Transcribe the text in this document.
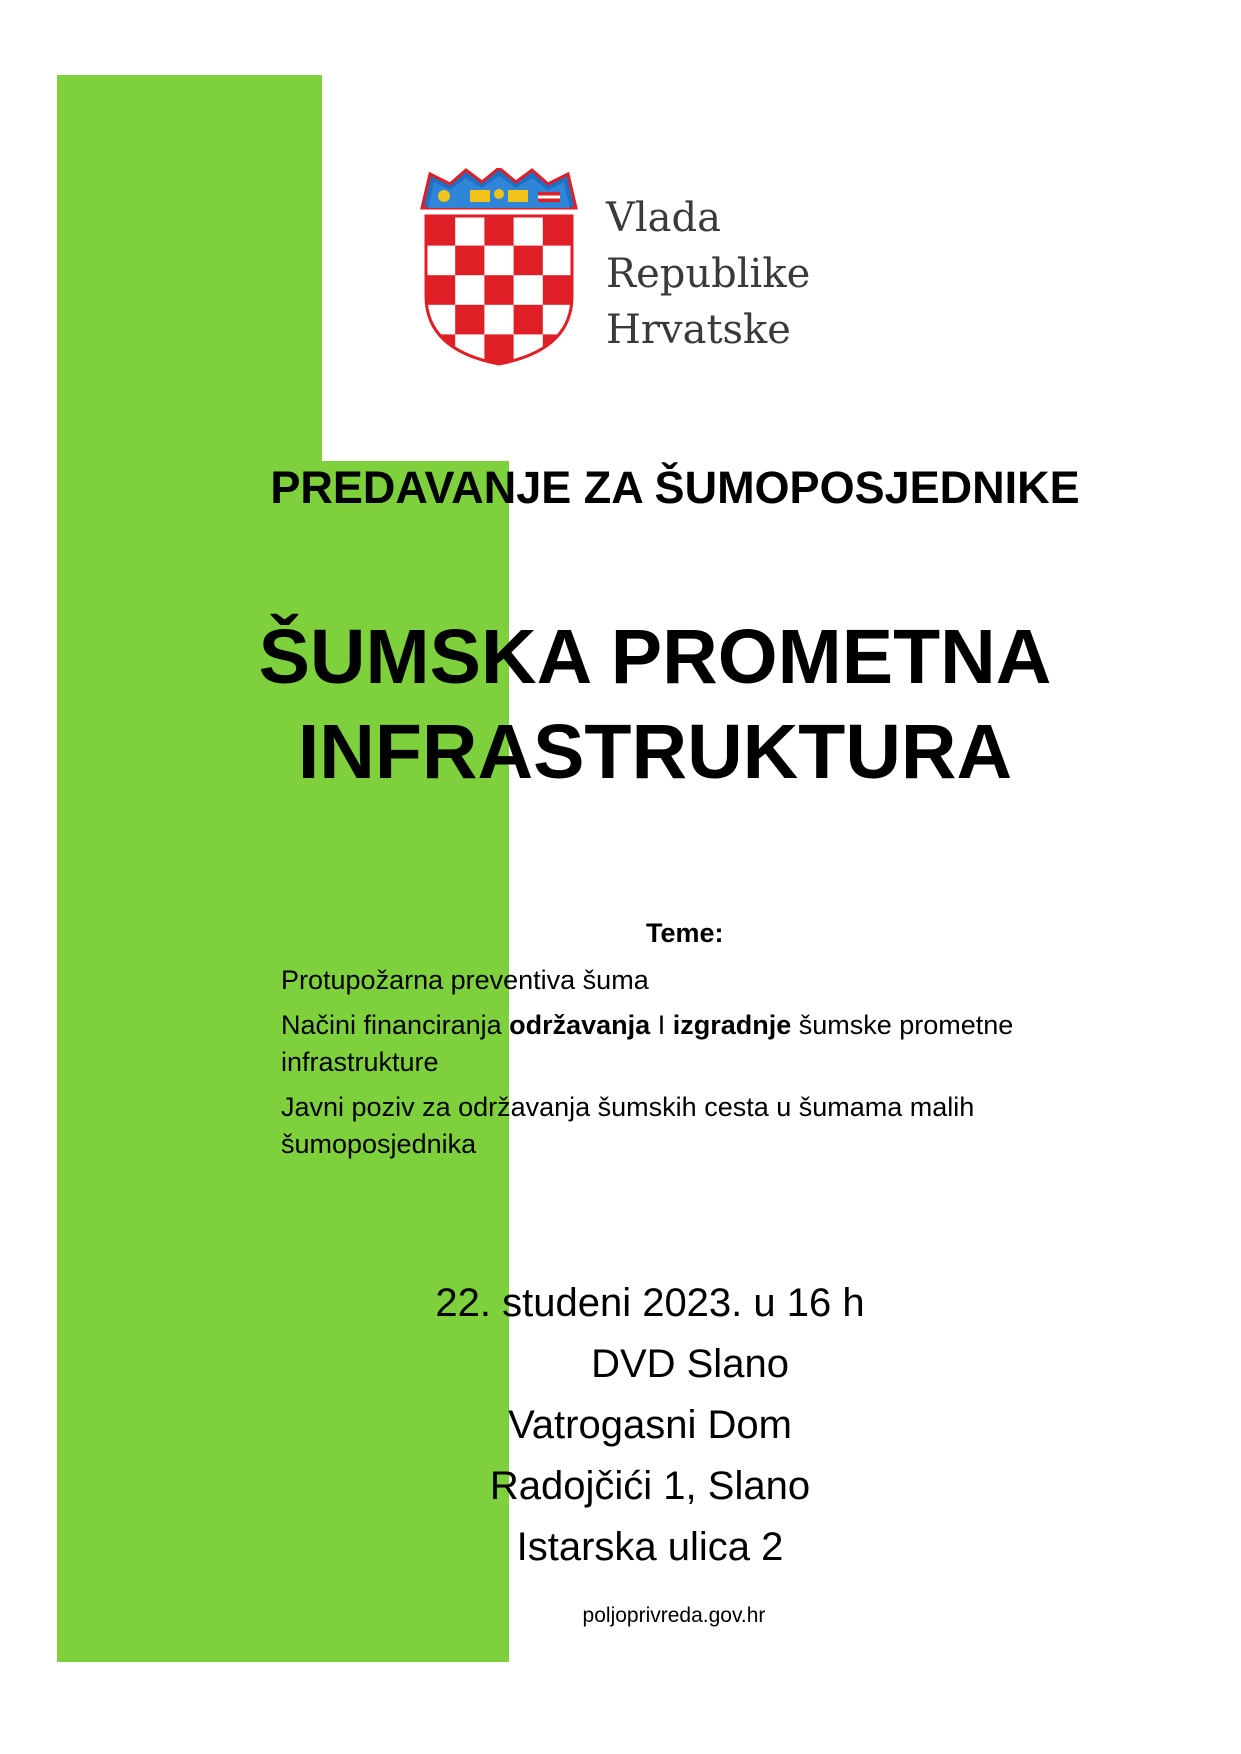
Vlada
Republike
Hrvatske
PREDAVANJE ZA ŠUMOPOSJEDNIKE
ŠUMSKA PROMETNA
INFRASTRUKTURA
Teme:
Protupožarna preventiva šuma
Načini financiranja održavanja I izgradnje šumske prometne infrastrukture
Javni poziv za održavanja šumskih cesta u šumama malih šumoposjednika
22. studeni 2023. u 16 h
DVD Slano
Vatrogasni Dom
Radojčići 1, Slano
Istarska ulica 2
poljoprivreda.gov.hr
